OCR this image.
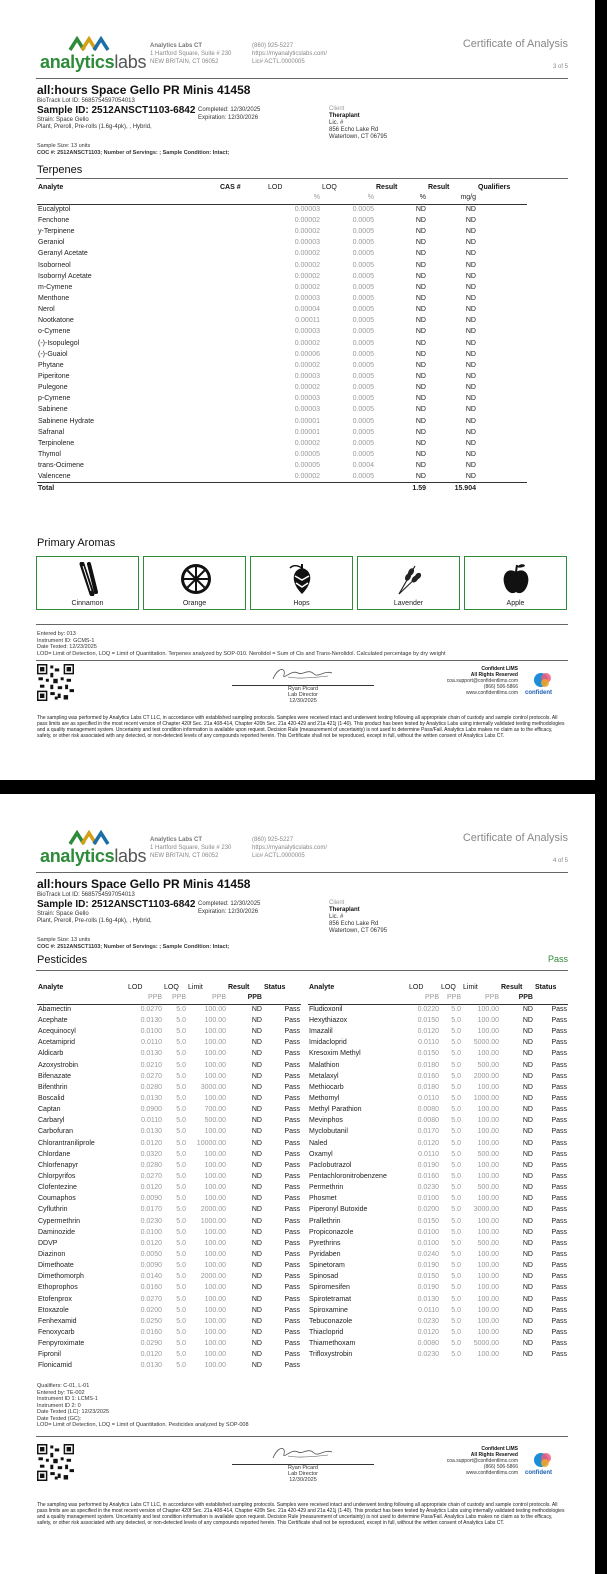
analyticslabs
Analytics Labs CT
1 Hartford Square, Suite # 230
NEW BRITAIN, CT 06052
(860) 925-5227
https://myanalyticslabs.com/
Lic# ACTL.0000005
Certificate of Analysis
3 of 5
all:hours Space Gello PR Minis 41458
BioTrack Lot ID: 5685754597054013
Sample ID: 2512ANSCT1103-6842 Completed: 12/30/2025
Expiration: 12/30/2026
Strain: Space Gello
Plant, Preroll, Pre-rolls (1.6g-4pk), , Hybrid,
Client
Theraplant
Lic. #
856 Echo Lake Rd
Watertown, CT 06795
Sample Size: 13 units
COC #: 2512ANSCT1103; Number of Servings: ; Sample Condition: Intact;
Terpenes
Analyte	CAS #	LOD	LOQ	Result	Result	Qualifiers
		%	%	%	mg/g	
Eucalyptol		0.00003	0.0005	ND	ND	
Fenchone		0.00002	0.0005	ND	ND	
y-Terpinene		0.00002	0.0005	ND	ND	
Geraniol		0.00003	0.0005	ND	ND	
Geranyl Acetate		0.00002	0.0005	ND	ND	
Isoborneol		0.00002	0.0005	ND	ND	
Isobornyl Acetate		0.00002	0.0005	ND	ND	
m-Cymene		0.00002	0.0005	ND	ND	
Menthone		0.00003	0.0005	ND	ND	
Nerol		0.00004	0.0005	ND	ND	
Nootkatone		0.00011	0.0005	ND	ND	
o-Cymene		0.00003	0.0005	ND	ND	
(-)-Isopulegol		0.00002	0.0005	ND	ND	
(-)-Guaiol		0.00006	0.0005	ND	ND	
Phytane		0.00002	0.0005	ND	ND	
Piperitone		0.00003	0.0005	ND	ND	
Pulegone		0.00002	0.0005	ND	ND	
p-Cymene		0.00003	0.0005	ND	ND	
Sabinene		0.00003	0.0005	ND	ND	
Sabinene Hydrate		0.00001	0.0005	ND	ND	
Safranal		0.00001	0.0005	ND	ND	
Terpinolene		0.00002	0.0005	ND	ND	
Thymol		0.00005	0.0005	ND	ND	
trans-Ocimene		0.00005	0.0004	ND	ND	
Valencene		0.00002	0.0005	ND	ND	
Total				1.59	15.904	
Primary Aromas
Cinnamon	Orange	Hops	Lavender	Apple
Entered by: 013
Instrument ID: GCMS-1
Date Tested: 12/23/2025
LOD= Limit of Detection, LOQ = Limit of Quantitation. Terpenes analyzed by SOP-010. Nerolidol = Sum of Cis and Trans-Nerolidol. Calculated percentage by dry weight
Ryan Picard
Lab Director
12/30/2025
Confident LIMS
All Rights Reserved
coa.support@confidentlims.com
(866) 506-5866
www.confidentlims.com confident
The sampling was performed by Analytics Labs CT LLC, in accordance with established sampling protocols. Samples were received intact and underwent testing following all appropriate chain of custody and sample control protocols. All pass limits are as specified in the most recent version of Chapter 420f Sec. 21a 408-414, Chapter 420h Sec. 21a 420-429 and 21a 421j (1-40). This product has been tested by Analytics Labs using internally validated testing methodologies and a quality management system. Uncertainty and test condition information is available upon request. Decision Rule (measurement of uncertainty) is not used to determine Pass/Fail. Analytics Labs makes no claim as to the efficacy, safety, or other risk associated with any detected, or non-detected levels of any compounds reported herein. This Certificate shall not be reproduced, except in full, without the written consent of Analytics Labs CT.
analyticslabs
Analytics Labs CT
1 Hartford Square, Suite # 230
NEW BRITAIN, CT 06052
(860) 925-5227
https://myanalyticslabs.com/
Lic# ACTL.0000005
Certificate of Analysis
4 of 5
all:hours Space Gello PR Minis 41458
BioTrack Lot ID: 5685754597054013
Sample ID: 2512ANSCT1103-6842 Completed: 12/30/2025
Expiration: 12/30/2026
Strain: Space Gello
Plant, Preroll, Pre-rolls (1.6g-4pk), , Hybrid,
Client
Theraplant
Lic. #
856 Echo Lake Rd
Watertown, CT 06795
Sample Size: 13 units
COC #: 2512ANSCT1103; Number of Servings: ; Sample Condition: Intact;
Pesticides	Pass
Analyte	LOD	LOQ	Limit	Result	Status
	PPB	PPB	PPB	PPB	
Abamectin	0.0270	5.0	100.00	ND	Pass
Acephate	0.0130	5.0	100.00	ND	Pass
Acequinocyl	0.0100	5.0	100.00	ND	Pass
Acetamiprid	0.0110	5.0	100.00	ND	Pass
Aldicarb	0.0130	5.0	100.00	ND	Pass
Azoxystrobin	0.0210	5.0	100.00	ND	Pass
Bifenazate	0.0270	5.0	100.00	ND	Pass
Bifenthrin	0.0280	5.0	3000.00	ND	Pass
Boscalid	0.0130	5.0	100.00	ND	Pass
Captan	0.0900	5.0	700.00	ND	Pass
Carbaryl	0.0110	5.0	500.00	ND	Pass
Carbofuran	0.0130	5.0	100.00	ND	Pass
Chlorantraniliprole	0.0120	5.0	10000.00	ND	Pass
Chlordane	0.0320	5.0	100.00	ND	Pass
Chlorfenapyr	0.0280	5.0	100.00	ND	Pass
Chlorpyrifos	0.0270	5.0	100.00	ND	Pass
Clofentezine	0.0120	5.0	100.00	ND	Pass
Coumaphos	0.0090	5.0	100.00	ND	Pass
Cyfluthrin	0.0170	5.0	2000.00	ND	Pass
Cypermethrin	0.0230	5.0	1000.00	ND	Pass
Daminozide	0.0100	5.0	100.00	ND	Pass
DDVP	0.0120	5.0	100.00	ND	Pass
Diazinon	0.0050	5.0	100.00	ND	Pass
Dimethoate	0.0090	5.0	100.00	ND	Pass
Dimethomorph	0.0140	5.0	2000.00	ND	Pass
Ethoprophos	0.0160	5.0	100.00	ND	Pass
Etofenprox	0.0270	5.0	100.00	ND	Pass
Etoxazole	0.0200	5.0	100.00	ND	Pass
Fenhexamid	0.0250	5.0	100.00	ND	Pass
Fenoxycarb	0.0160	5.0	100.00	ND	Pass
Fenpyroximate	0.0290	5.0	100.00	ND	Pass
Fipronil	0.0120	5.0	100.00	ND	Pass
Flonicamid	0.0130	5.0	100.00	ND	Pass
Analyte	LOD	LOQ	Limit	Result	Status
	PPB	PPB	PPB	PPB	
Fludioxonil	0.0220	5.0	100.00	ND	Pass
Hexythiazox	0.0150	5.0	100.00	ND	Pass
Imazalil	0.0120	5.0	100.00	ND	Pass
Imidacloprid	0.0110	5.0	5000.00	ND	Pass
Kresoxim Methyl	0.0150	5.0	100.00	ND	Pass
Malathion	0.0180	5.0	500.00	ND	Pass
Metalaxyl	0.0160	5.0	2000.00	ND	Pass
Methiocarb	0.0180	5.0	100.00	ND	Pass
Methomyl	0.0110	5.0	1000.00	ND	Pass
Methyl Parathion	0.0080	5.0	100.00	ND	Pass
Mevinphos	0.0080	5.0	100.00	ND	Pass
Myclobutanil	0.0170	5.0	100.00	ND	Pass
Naled	0.0120	5.0	100.00	ND	Pass
Oxamyl	0.0110	5.0	500.00	ND	Pass
Paclobutrazol	0.0190	5.0	100.00	ND	Pass
Pentachloronitrobenzene	0.0160	5.0	100.00	ND	Pass
Permethrin	0.0230	5.0	500.00	ND	Pass
Phosmet	0.0100	5.0	100.00	ND	Pass
Piperonyl Butoxide	0.0200	5.0	3000.00	ND	Pass
Prallethrin	0.0150	5.0	100.00	ND	Pass
Propiconazole	0.0100	5.0	100.00	ND	Pass
Pyrethrins	0.0100	5.0	500.00	ND	Pass
Pyridaben	0.0240	5.0	100.00	ND	Pass
Spinetoram	0.0190	5.0	100.00	ND	Pass
Spinosad	0.0150	5.0	100.00	ND	Pass
Spiromesifen	0.0190	5.0	100.00	ND	Pass
Spirotetramat	0.0130	5.0	100.00	ND	Pass
Spiroxamine	0.0110	5.0	100.00	ND	Pass
Tebuconazole	0.0230	5.0	100.00	ND	Pass
Thiacloprid	0.0120	5.0	100.00	ND	Pass
Thiamethoxam	0.0080	5.0	5000.00	ND	Pass
Trifloxystrobin	0.0230	5.0	100.00	ND	Pass
Qualifiers: C-01, L-01
Entered by: TE-002
Instrument ID 1: LCMS-1
Instrument ID 2: 0
Date Tested (LC): 12/23/2025
Date Tested (GC):
LOD= Limit of Detection, LOQ = Limit of Quantitation. Pesticides analyzed by SOP-008
Ryan Picard
Lab Director
12/30/2025
Confident LIMS
All Rights Reserved
coa.support@confidentlims.com
(866) 506-5866
www.confidentlims.com confident
The sampling was performed by Analytics Labs CT LLC, in accordance with established sampling protocols. Samples were received intact and underwent testing following all appropriate chain of custody and sample control protocols. All pass limits are as specified in the most recent version of Chapter 420f Sec. 21a 408-414, Chapter 420h Sec. 21a 420-429 and 21a 421j (1-40). This product has been tested by Analytics Labs using internally validated testing methodologies and a quality management system. Uncertainty and test condition information is available upon request. Decision Rule (measurement of uncertainty) is not used to determine Pass/Fail. Analytics Labs makes no claim as to the efficacy, safety, or other risk associated with any detected, or non-detected levels of any compounds reported herein. This Certificate shall not be reproduced, except in full, without the written consent of Analytics Labs CT.
